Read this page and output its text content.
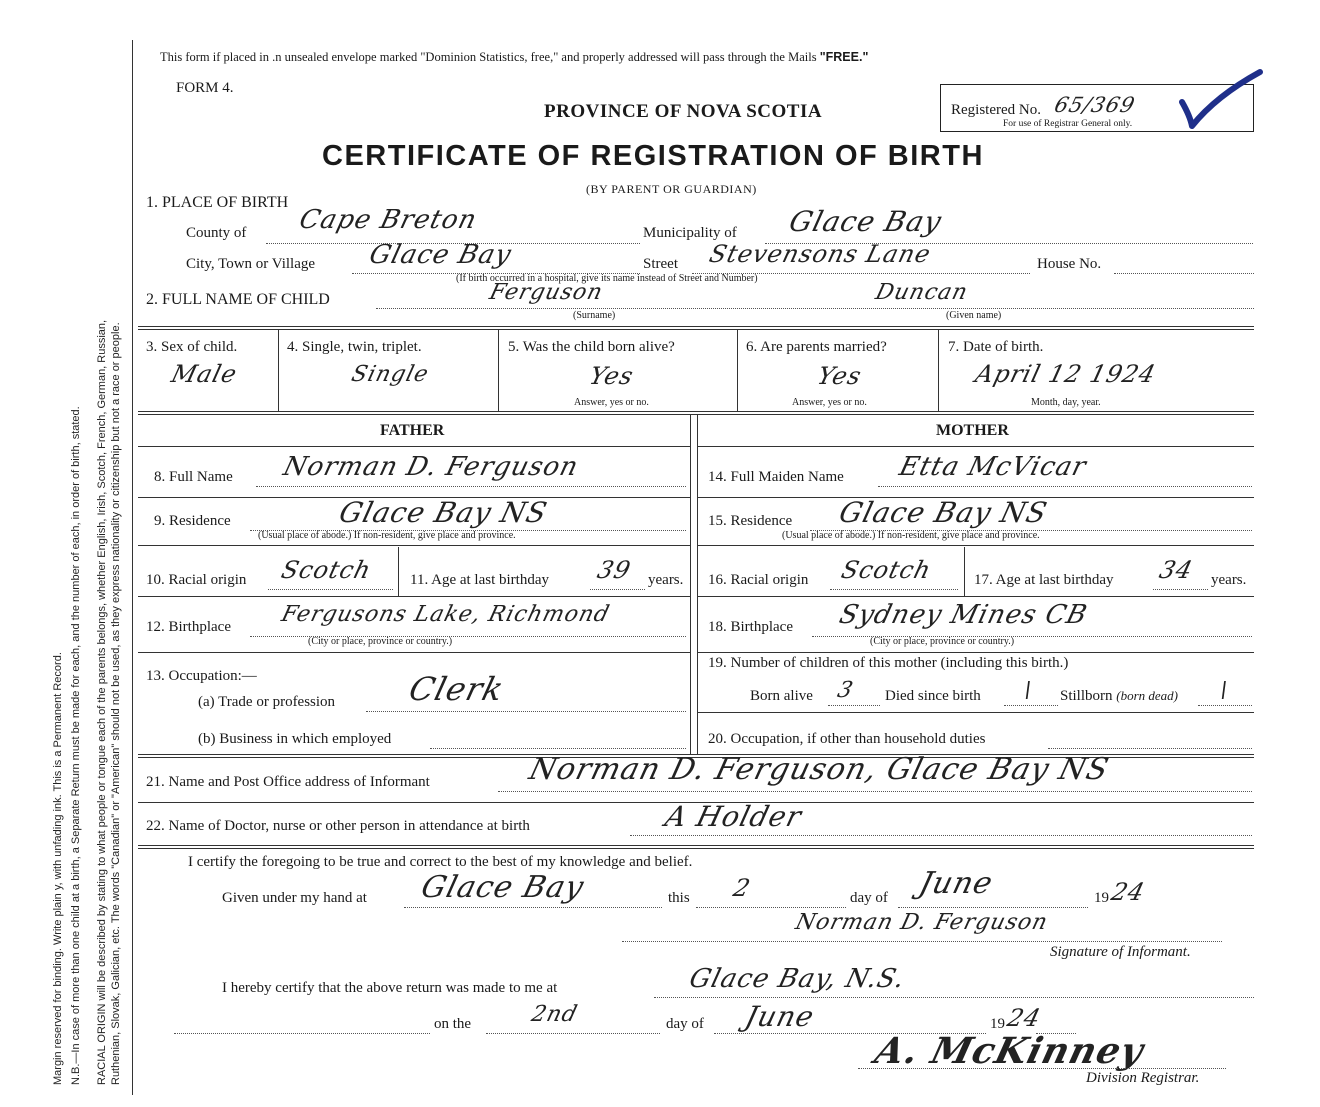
Margin reserved for binding. Write plain y, with unfading ink. This is a Permanent Record. N.B.—In case of more than one child at a birth, a Separate Return must be made for each, and the number of each, in order of birth, stated. RACIAL ORIGIN will be described by stating to what people or tongue each of the parents belongs, whether English, Irish, Scotch, French, German, Russian, Ruthenian, Slovak, Galician, etc. The words "Canadian" or "American" should not be used, as they express nationality or citizenship but not a race or people.
This form if placed in .n unsealed envelope marked "Dominion Statistics, free," and properly addressed will pass through the Mails "FREE."
FORM 4.
PROVINCE OF NOVA SCOTIA	Registered No. 65/369
For use of Registrar General only.
CERTIFICATE OF REGISTRATION OF BIRTH
(BY PARENT OR GUARDIAN)
1. PLACE OF BIRTH
County of Cape Breton	Municipality of Glace Bay
City, Town or Village Glace Bay	Street Stevensons Lane	House No.
(If birth occurred in a hospital, give its name instead of Street and Number)
2. FULL NAME OF CHILD	Ferguson	Duncan
(Surname)	(Given name)
3. Sex of child.
Male
4. Single, twin, triplet.
Single
5. Was the child born alive?
Yes
Answer, yes or no.
6. Are parents married?
Yes
Answer, yes or no.
7. Date of birth.
April 12 1924
Month, day, year.
FATHER	MOTHER
8. Full Name Norman D. Ferguson
9. Residence	Glace Bay NS
(Usual place of abode.) If non-resident, give place and province.
10. Racial origin Scotch 11. Age at last birthday 39 years.
12. Birthplace Fergusons Lake, Richmond
(City or place, province or country.)
13. Occupation:—
(a) Trade or profession Clerk
(b) Business in which employed
14. Full Maiden Name Etta McVicar
15. Residence Glace Bay NS
(Usual place of abode.) If non-resident, give place and province.
16. Racial origin Scotch	17. Age at last birthday 34 years.
18. Birthplace Sydney Mines CB
(City or place, province or country.)
19. Number of children of this mother (including this birth.)
Born alive 3 Died since birth \ Stillborn (born dead) \
20. Occupation, if other than household duties
21. Name and Post Office address of Informant	Norman D. Ferguson, Glace Bay NS
22. Name of Doctor, nurse or other person in attendance at birth	A Holder
I certify the foregoing to be true and correct to the best of my knowledge and belief.
Given under my hand at Glace Bay	this 2	day of June	19 24
Norman D. Ferguson
Signature of Informant.
I hereby certify that the above return was made to me at	Glace Bay, N.S.
on the	2nd	day of June	19 24
A. McKinney
Division Registrar.
